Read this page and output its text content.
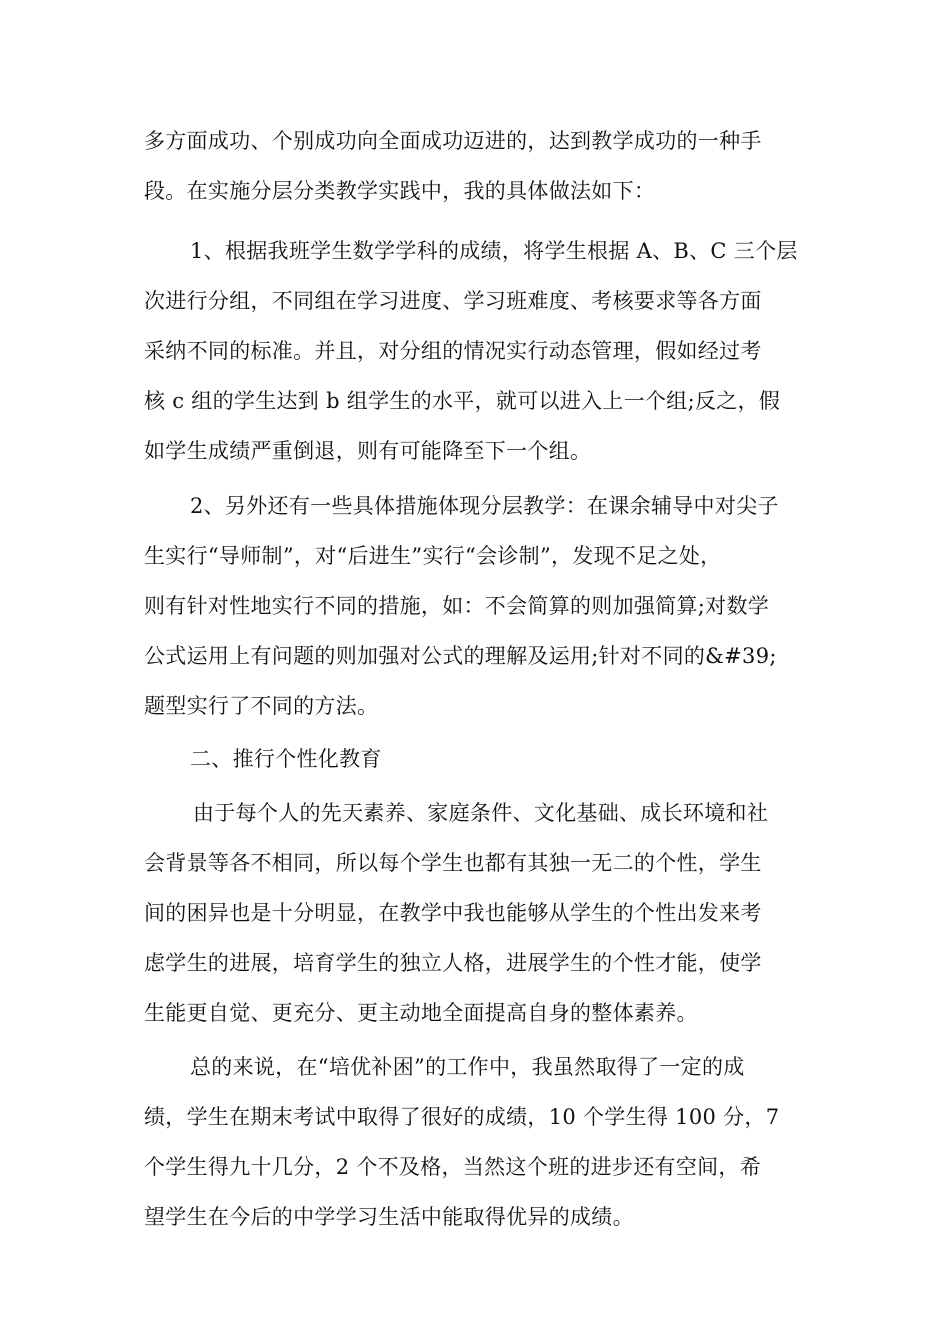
多方面成功、个别成功向全面成功迈进的，达到教学成功的一种手
段。在实施分层分类教学实践中，我的具体做法如下：
1、根据我班学生数学学科的成绩，将学生根据 A、B、C 三个层
次进行分组，不同组在学习进度、学习班难度、考核要求等各方面
采纳不同的标准。并且，对分组的情况实行动态管理，假如经过考
核 c 组的学生达到 b 组学生的水平，就可以进入上一个组;反之，假
如学生成绩严重倒退，则有可能降至下一个组。
2、另外还有一些具体措施体现分层教学：在课余辅导中对尖子
生实行“导师制”，对“后进生”实行“会诊制”，发现不足之处，
则有针对性地实行不同的措施，如：不会简算的则加强简算;对数学
公式运用上有问题的则加强对公式的理解及运用;针对不同的&#39;
题型实行了不同的方法。
二、推行个性化教育
由于每个人的先天素养、家庭条件、文化基础、成长环境和社
会背景等各不相同，所以每个学生也都有其独一无二的个性，学生
间的困异也是十分明显，在教学中我也能够从学生的个性出发来考
虑学生的进展，培育学生的独立人格，进展学生的个性才能，使学
生能更自觉、更充分、更主动地全面提高自身的整体素养。
总的来说，在“培优补困”的工作中，我虽然取得了一定的成
绩，学生在期末考试中取得了很好的成绩，10 个学生得 100 分，7
个学生得九十几分，2 个不及格，当然这个班的进步还有空间，希
望学生在今后的中学学习生活中能取得优异的成绩。
